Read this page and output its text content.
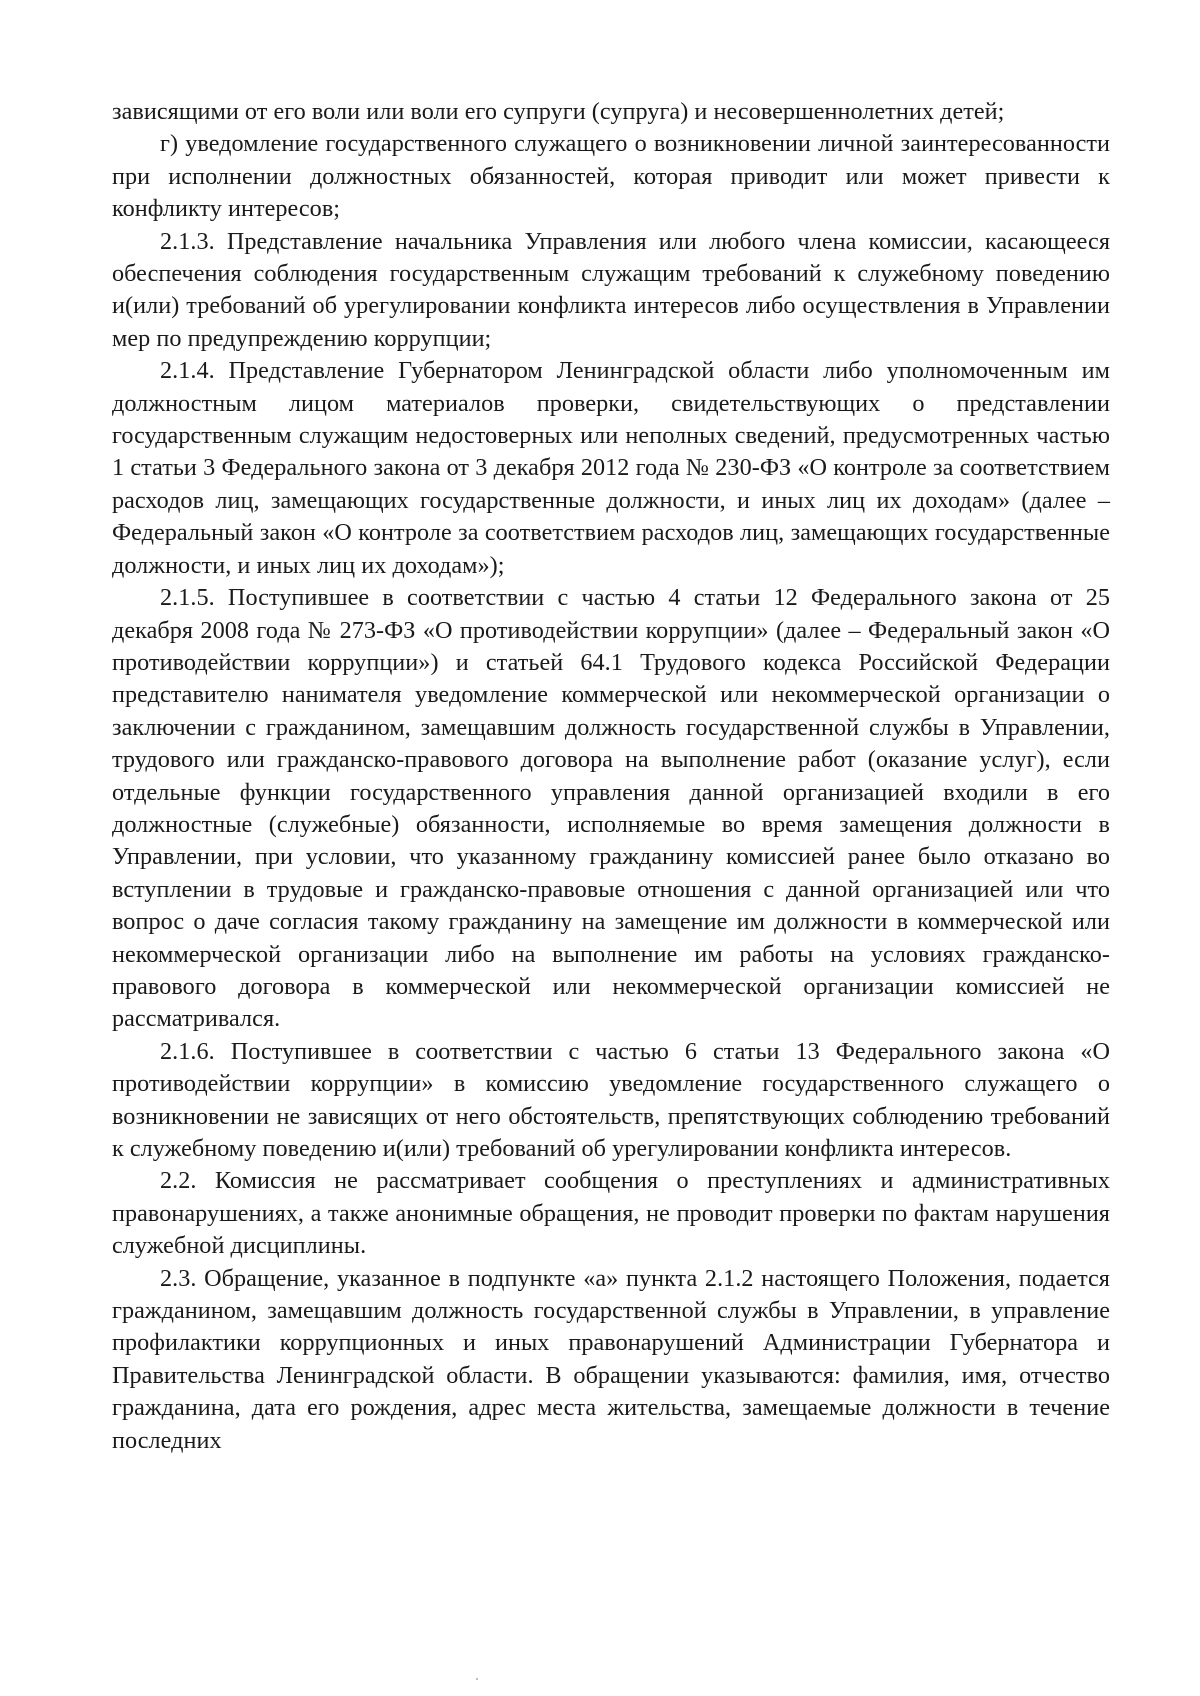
зависящими от его воли или воли его супруги (супруга) и несовершеннолетних детей;

г) уведомление государственного служащего о возникновении личной заинтересованности при исполнении должностных обязанностей, которая приводит или может привести к конфликту интересов;

2.1.3. Представление начальника Управления или любого члена комиссии, касающееся обеспечения соблюдения государственным служащим требований к служебному поведению и(или) требований об урегулировании конфликта интересов либо осуществления в Управлении мер по предупреждению коррупции;

2.1.4. Представление Губернатором Ленинградской области либо уполномоченным им должностным лицом материалов проверки, свидетельствующих о представлении государственным служащим недостоверных или неполных сведений, предусмотренных частью 1 статьи 3 Федерального закона от 3 декабря 2012 года № 230-ФЗ «О контроле за соответствием расходов лиц, замещающих государственные должности, и иных лиц их доходам» (далее – Федеральный закон «О контроле за соответствием расходов лиц, замещающих государственные должности, и иных лиц их доходам»);

2.1.5. Поступившее в соответствии с частью 4 статьи 12 Федерального закона от 25 декабря 2008 года № 273-ФЗ «О противодействии коррупции» (далее – Федеральный закон «О противодействии коррупции») и статьей 64.1 Трудового кодекса Российской Федерации представителю нанимателя уведомление коммерческой или некоммерческой организации о заключении с гражданином, замещавшим должность государственной службы в Управлении, трудового или гражданско-правового договора на выполнение работ (оказание услуг), если отдельные функции государственного управления данной организацией входили в его должностные (служебные) обязанности, исполняемые во время замещения должности в Управлении, при условии, что указанному гражданину комиссией ранее было отказано во вступлении в трудовые и гражданско-правовые отношения с данной организацией или что вопрос о даче согласия такому гражданину на замещение им должности в коммерческой или некоммерческой организации либо на выполнение им работы на условиях гражданско-правового договора в коммерческой или некоммерческой организации комиссией не рассматривался.

2.1.6. Поступившее в соответствии с частью 6 статьи 13 Федерального закона «О противодействии коррупции» в комиссию уведомление государственного служащего о возникновении не зависящих от него обстоятельств, препятствующих соблюдению требований к служебному поведению и(или) требований об урегулировании конфликта интересов.

2.2. Комиссия не рассматривает сообщения о преступлениях и административных правонарушениях, а также анонимные обращения, не проводит проверки по фактам нарушения служебной дисциплины.

2.3. Обращение, указанное в подпункте «а» пункта 2.1.2 настоящего Положения, подается гражданином, замещавшим должность государственной службы в Управлении, в управление профилактики коррупционных и иных правонарушений Администрации Губернатора и Правительства Ленинградской области. В обращении указываются: фамилия, имя, отчество гражданина, дата его рождения, адрес места жительства, замещаемые должности в течение последних
